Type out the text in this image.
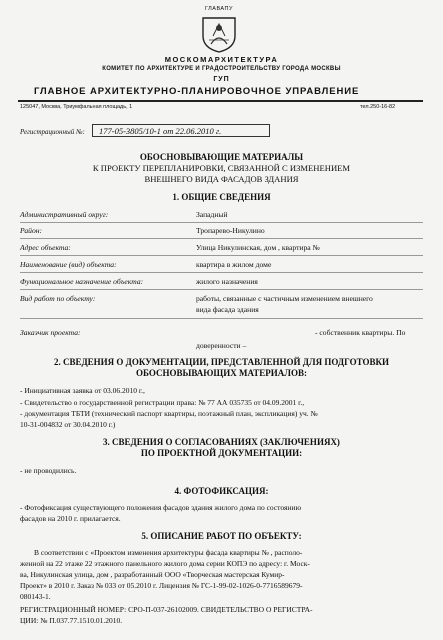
ГЛАВАПУ
МОСКОМАРХИТЕКТУРА
КОМИТЕТ ПО АРХИТЕКТУРЕ И ГРАДОСТРОИТЕЛЬСТВУ ГОРОДА МОСКВЫ
ГУП
ГЛАВНОЕ АРХИТЕКТУРНО-ПЛАНИРОВОЧНОЕ УПРАВЛЕНИЕ
125047, Москва, Триумфальная площадь, 1	тел.250-16-82
Регистрационный №:	177-05-3805/10-1 от 22.06.2010 г.
ОБОСНОВЫВАЮЩИЕ МАТЕРИАЛЫ
К ПРОЕКТУ ПЕРЕПЛАНИРОВКИ, СВЯЗАННОЙ С ИЗМЕНЕНИЕМ
ВНЕШНЕГО ВИДА ФАСАДОВ ЗДАНИЯ
1. ОБЩИЕ СВЕДЕНИЯ
Административный округ:	Западный
Район:	Тропарево-Никулино
Адрес объекта:	Улица Никулинская, дом , квартира №
Наименование (вид) объекта:	квартира в жилом доме
Функциональное назначение объекта:	жилого назначения
Вид работ по объекту:	работы, связанные с частичным изменением внешнего
вида фасада здания
Заказчик проекта:	- собственник квартиры. По
доверенности –
2. СВЕДЕНИЯ О ДОКУМЕНТАЦИИ, ПРЕДСТАВЛЕННОЙ ДЛЯ ПОДГОТОВКИ
ОБОСНОВЫВАЮЩИХ МАТЕРИАЛОВ:
- Инициативная заявка от 03.06.2010 г.,
- Свидетельство о государственной регистрации права: № 77 АА 035735 от 04.09.2001 г.,
- документация ТБТИ (технический паспорт квартиры, поэтажный план, экспликация) уч. №
10-31-004832 от 30.04.2010 г.)
3. СВЕДЕНИЯ О СОГЛАСОВАНИЯХ (ЗАКЛЮЧЕНИЯХ)
ПО ПРОЕКТНОЙ ДОКУМЕНТАЦИИ:
- не проводились.
4. ФОТОФИКСАЦИЯ:
- Фотофиксация существующего положения фасадов здания жилого дома по состоянию
фасадов на 2010 г. прилагается.
5. ОПИСАНИЕ РАБОТ ПО ОБЪЕКТУ:
В соответствии с «Проектом изменения архитектуры фасада квартиры № , располо-
женной на 22 этаже 22 этажного панельного жилого дома серии КОПЭ по адресу: г. Моск-
ва, Никулинская улица, дом , разработанный ООО «Творческая мастерская Кумир-
Проект» в 2010 г. Заказ № 033 от 05.2010 г. Лицензия № ГС-1-99-02-1026-0-7716589679-
080143-1.
РЕГИСТРАЦИОННЫЙ НОМЕР: СРО-П-037-26102009. СВИДЕТЕЛЬСТВО О РЕГИСТРА-
ЦИИ: № П.037.77.1510.01.2010.
